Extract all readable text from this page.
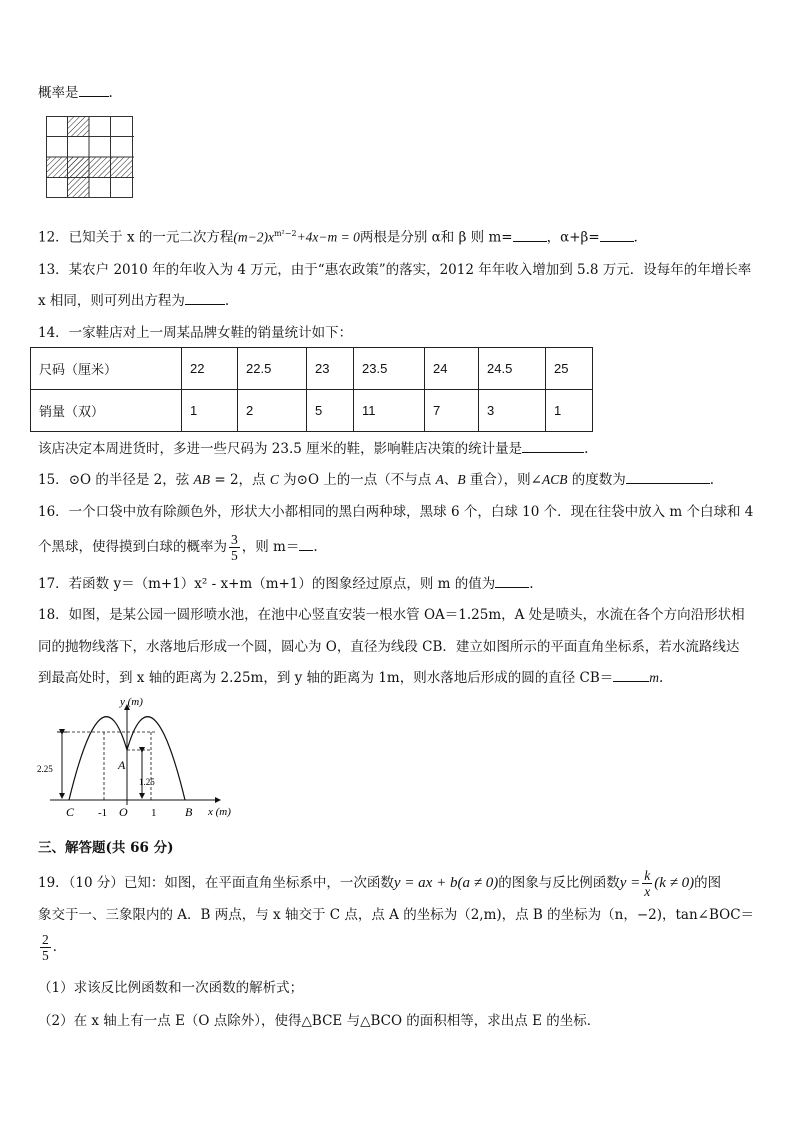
概率是 .
12．已知关于 x 的一元二次方程$(m-2)x^{m^2-2}+4x-m = 0$两根是分别 α和 β 则 m=	，α+β=	．
13．某农户 2010 年的年收入为 4 万元，由于“惠农政策”的落实，2012 年年收入增加到 5.8 万元．设每年的年增长率
x 相同，则可列出方程为	.
14．一家鞋店对上一周某品牌女鞋的销量统计如下：
尺码（厘米）	22	22.5	23	23.5	24	24.5	25
销量（双）	1	2	5	11	7	3	1
该店决定本周进货时，多进一些尺码为 23.5 厘米的鞋，影响鞋店决策的统计量是	.
15．⊙O 的半径是 2，弦 AB = 2，点 C 为⊙O 上的一点（不与点 A、B 重合），则∠ACB 的度数为	.
16．一个口袋中放有除颜色外，形状大小都相同的黑白两种球，黑球 6 个，白球 10 个．现在往袋中放入 m 个白球和 4
个黑球，使得摸到白球的概率为 $\frac{3}{5}$ ，则 m＝ .
17．若函数 y＝（m+1）x² - x+m（m+1）的图象经过原点，则 m 的值为	.
18．如图，是某公园一圆形喷水池，在池中心竖直安装一根水管 OA＝1.25m，A 处是喷头，水流在各个方向沿形状相
同的抛物线落下，水落地后形成一个圆，圆心为 O，直径为线段 CB．建立如图所示的平面直角坐标系，若水流路线达
到最高处时，到 x 轴的距离为 2.25m，到 y 轴的距离为 1m，则水落地后形成的圆的直径 CB＝	m.
2.25
1.25
A
C	B
O
-1	1
y (m)
x (m)
三、解答题(共 66 分)
19．（10 分）已知：如图，在平面直角坐标系中，一次函数y = ax + b(a ≠ 0)的图象与反比例函数$y = \frac{k}{x} (k \ne 0)$的图
象交于一、三象限内的 A．B 两点，与 x 轴交于 C 点，点 A 的坐标为（2,m)，点 B 的坐标为（n，−2)，tan∠BOC＝
$\frac{2}{5}$ ．
（1）求该反比例函数和一次函数的解析式；
（2）在 x 轴上有一点 E（O 点除外），使得△BCE 与△BCO 的面积相等，求出点 E 的坐标．
